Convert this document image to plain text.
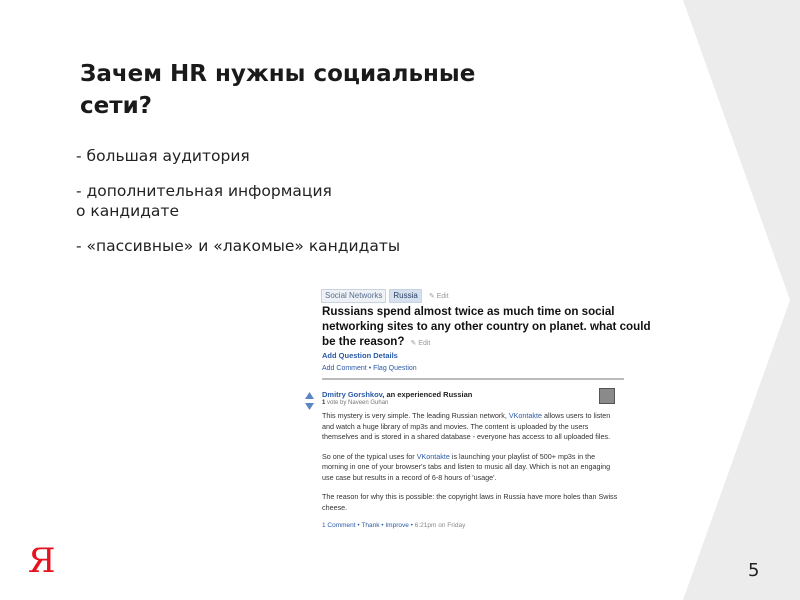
Зачем HR нужны социальные сети?

- большая аудитория

- дополнительная информация
о кандидате

- «пассивные» и «лакомые» кандидаты

Social Networks	Russia	✎ Edit

Russians spend almost twice as much time on social networking sites to any other country on planet. what could be the reason? ✎ Edit

Add Question Details
Add Comment • Flag Question
Dmitry Gorshkov, an experienced Russian
1 vote by Naveen Guhan

This mystery is very simple. The leading Russian network, VKontakte allows users to listen and watch a huge library of mp3s and movies. The content is uploaded by the users themselves and is stored in a shared database - everyone has access to all uploaded files.

So one of the typical uses for VKontakte is launching your playlist of 500+ mp3s in the morning in one of your browser's tabs and listen to music all day. Which is not an engaging use case but results in a record of 6-8 hours of 'usage'.

The reason for why this is possible: the copyright laws in Russia have more holes than Swiss cheese.

1 Comment • Thank • Improve • 6:21pm on Friday
Я	5
